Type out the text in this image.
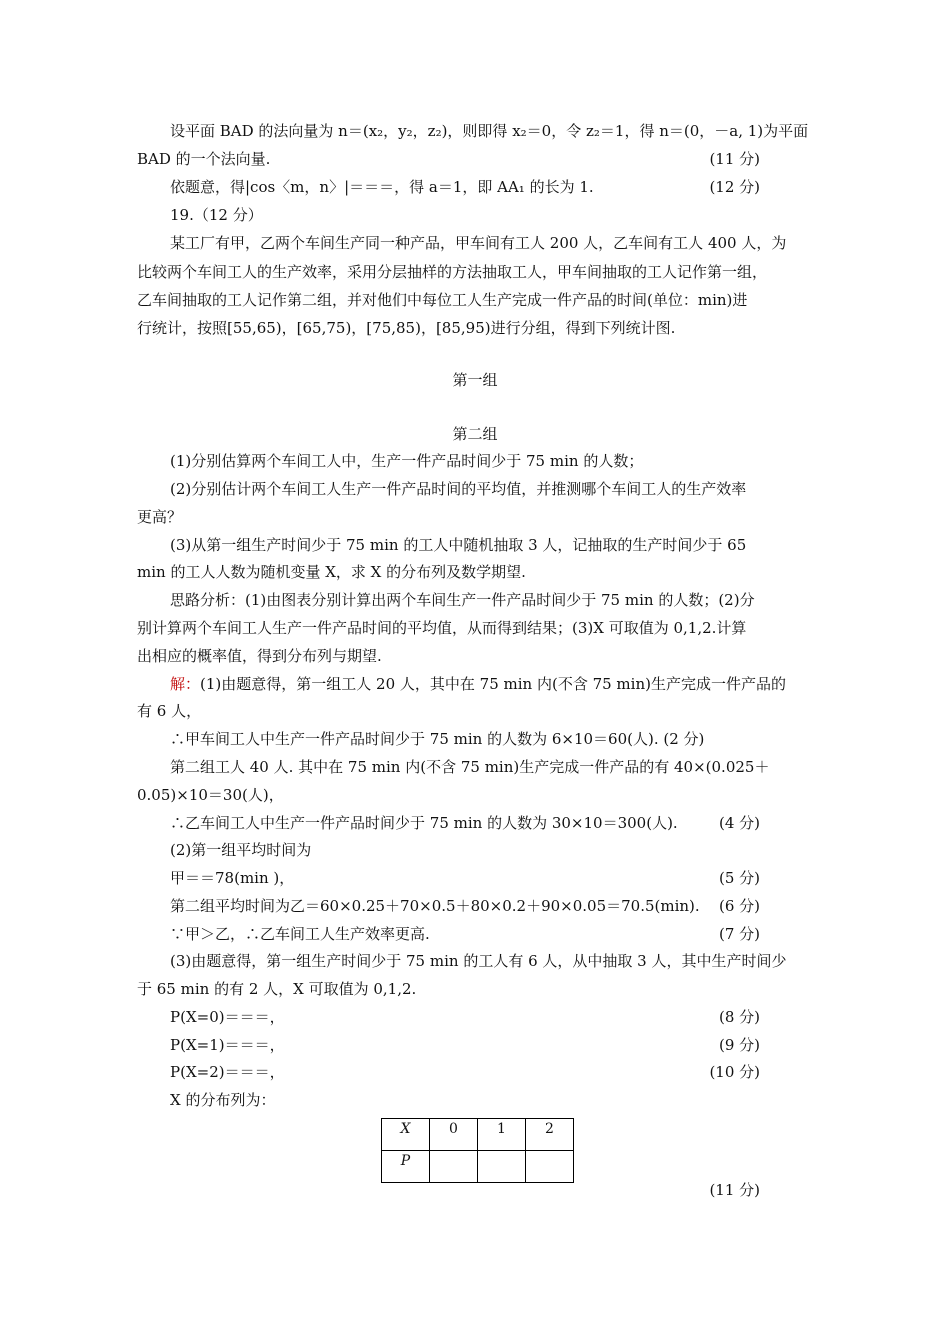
设平面 BAD 的法向量为 n＝(x₂，y₂，z₂)，则即得 x₂＝0，令 z₂＝1，得 n＝(0，－a, 1)为平面
BAD 的一个法向量.	(11 分)
依题意，得|cos〈m，n〉|＝＝＝，得 a＝1，即 AA₁ 的长为 1.	(12 分)
19.（12 分）
某工厂有甲，乙两个车间生产同一种产品，甲车间有工人 200 人，乙车间有工人 400 人，为
比较两个车间工人的生产效率，采用分层抽样的方法抽取工人，甲车间抽取的工人记作第一组，
乙车间抽取的工人记作第二组，并对他们中每位工人生产完成一件产品的时间(单位：min)进
行统计，按照[55,65)，[65,75)，[75,85)，[85,95)进行分组，得到下列统计图.
第一组
第二组
(1)分别估算两个车间工人中，生产一件产品时间少于 75 min 的人数；
(2)分别估计两个车间工人生产一件产品时间的平均值，并推测哪个车间工人的生产效率
更高？
(3)从第一组生产时间少于 75 min 的工人中随机抽取 3 人，记抽取的生产时间少于 65
min 的工人人数为随机变量 X，求 X 的分布列及数学期望.
思路分析：(1)由图表分别计算出两个车间生产一件产品时间少于 75 min 的人数；(2)分
别计算两个车间工人生产一件产品时间的平均值，从而得到结果；(3)X 可取值为 0,1,2.计算
出相应的概率值，得到分布列与期望.
解：(1)由题意得，第一组工人 20 人，其中在 75 min 内(不含 75 min)生产完成一件产品的
有 6 人，
∴甲车间工人中生产一件产品时间少于 75 min 的人数为 6×10＝60(人). (2 分)
第二组工人 40 人. 其中在 75 min 内(不含 75 min)生产完成一件产品的有 40×(0.025＋
0.05)×10＝30(人)，
∴乙车间工人中生产一件产品时间少于 75 min 的人数为 30×10＝300(人).	(4 分)
(2)第一组平均时间为
甲＝＝78(min )，	(5 分)
第二组平均时间为乙＝60×0.25＋70×0.5＋80×0.2＋90×0.05＝70.5(min). (6 分)
∵甲＞乙，∴乙车间工人生产效率更高.	(7 分)
(3)由题意得，第一组生产时间少于 75 min 的工人有 6 人，从中抽取 3 人，其中生产时间少
于 65 min 的有 2 人，X 可取值为 0,1,2.
P(X=0)＝＝＝，	(8 分)
P(X=1)＝＝＝，	(9 分)
P(X=2)＝＝＝，	(10 分)
X 的分布列为：
X	0	1	2
P			
(11 分)
